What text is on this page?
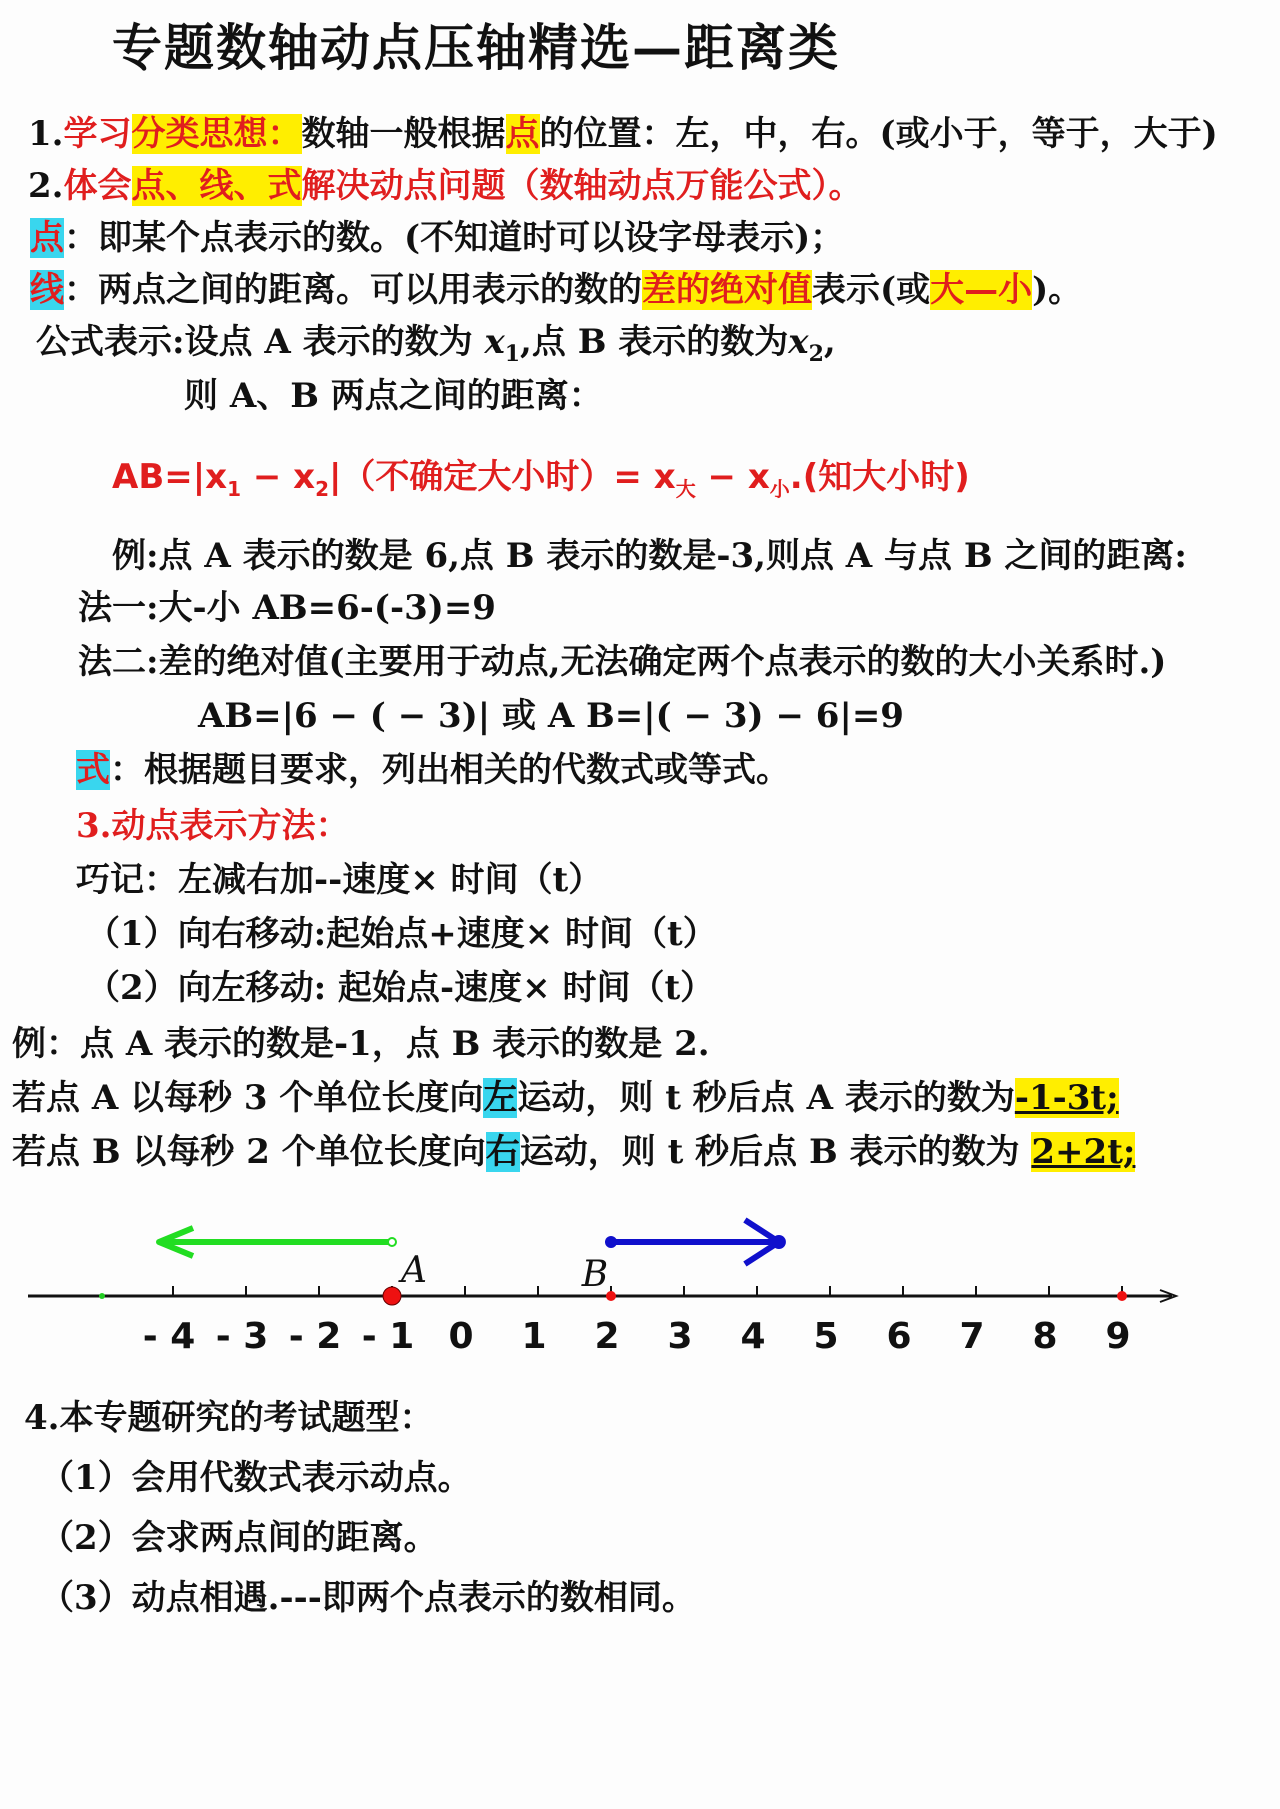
专题数轴动点压轴精选—距离类
1.学习分类思想：数轴一般根据点的位置：左，中，右。(或小于，等于，大于)
2.体会点、线、式解决动点问题（数轴动点万能公式）。
点：即某个点表示的数。(不知道时可以设字母表示)；
线：两点之间的距离。可以用表示的数的差的绝对值表示(或大—小)。
公式表示:设点 A 表示的数为 $x_1$,点 B 表示的数为$x_2$,
则 A、B 两点之间的距离：
$AB=|x_1 - x_2|$（不确定大小时）= $x_大 - x_小$.(知大小时)
例:点 A 表示的数是 6,点 B 表示的数是-3,则点 A 与点 B 之间的距离:
法一:大-小 AB=6-(-3)=9
法二:差的绝对值(主要用于动点,无法确定两个点表示的数的大小关系时.)
AB=|6 − ( − 3)| 或 A B=|( − 3) − 6|=9
式：根据题目要求，列出相关的代数式或等式。
3.动点表示方法：
巧记：左减右加--速度× 时间（t）
（1）向右移动:起始点+速度× 时间（t）
（2）向左移动: 起始点-速度× 时间（t）
例：点 A 表示的数是-1，点 B 表示的数是 2.
若点 A 以每秒 3 个单位长度向左运动，则 t 秒后点 A 表示的数为-1-3t;
若点 B 以每秒 2 个单位长度向右运动，则 t 秒后点 B 表示的数为 2+2t;
- 4 - 3 - 2 - 1 0 1 2 3 4 5 6 7 8 9
A	B
4.本专题研究的考试题型：
（1）会用代数式表示动点。
（2）会求两点间的距离。
（3）动点相遇.---即两个点表示的数相同。
